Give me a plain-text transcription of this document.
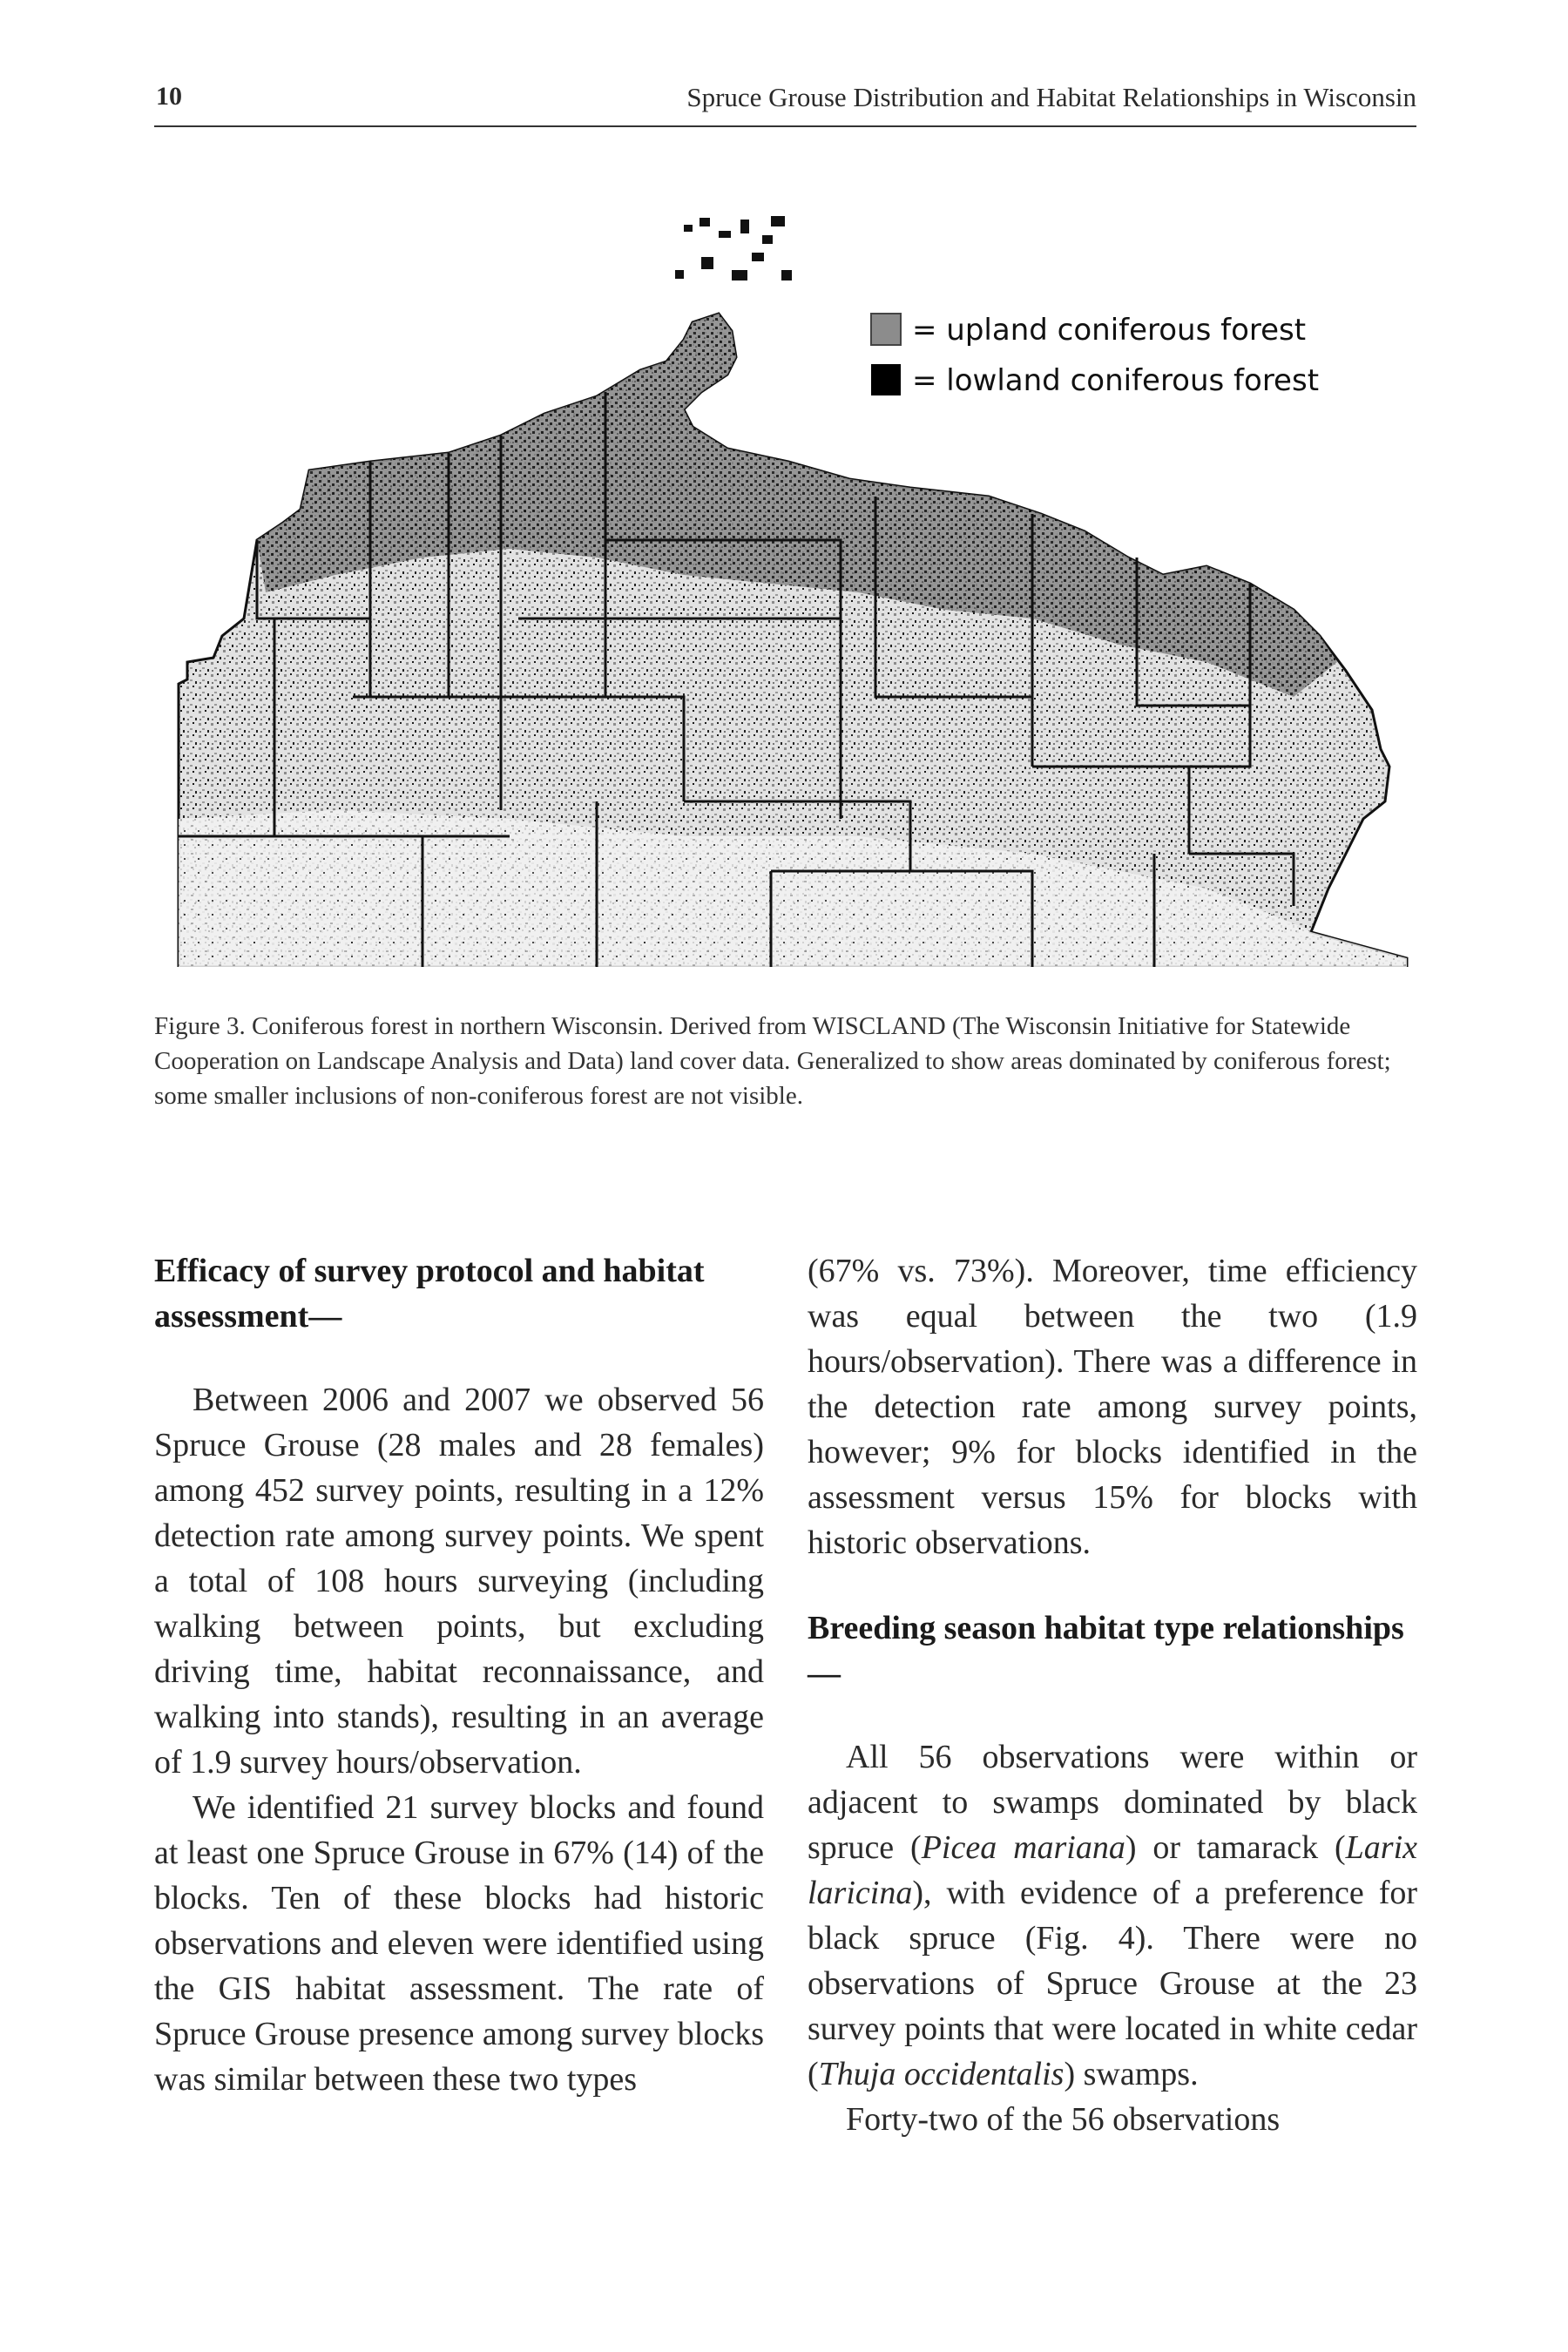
10	Spruce Grouse Distribution and Habitat Relationships in Wisconsin
= upland coniferous forest
= lowland coniferous forest
Figure 3. Coniferous forest in northern Wisconsin. Derived from WISCLAND (The Wisconsin Initiative for Statewide Cooperation on Landscape Analysis and Data) land cover data. Generalized to show areas dominated by coniferous forest; some smaller inclusions of non-coniferous forest are not visible.
Efficacy of survey protocol and habitat assessment—

Between 2006 and 2007 we observed 56 Spruce Grouse (28 males and 28 females) among 452 survey points, resulting in a 12% detection rate among survey points. We spent a total of 108 hours surveying (including walking between points, but excluding driving time, habitat reconnaissance, and walking into stands), resulting in an average of 1.9 survey hours/observation.

We identified 21 survey blocks and found at least one Spruce Grouse in 67% (14) of the blocks. Ten of these blocks had historic observations and eleven were identified using the GIS habitat assessment. The rate of Spruce Grouse presence among survey blocks was similar between these two types

(67% vs. 73%). Moreover, time efficiency was equal between the two (1.9 hours/observation). There was a difference in the detection rate among survey points, however; 9% for blocks identified in the assessment versus 15% for blocks with historic observations.

Breeding season habitat type relationships—

All 56 observations were within or adjacent to swamps dominated by black spruce (Picea mariana) or tamarack (Larix laricina), with evidence of a preference for black spruce (Fig. 4). There were no observations of Spruce Grouse at the 23 survey points that were located in white cedar (Thuja occidentalis) swamps.

Forty-two of the 56 observations
